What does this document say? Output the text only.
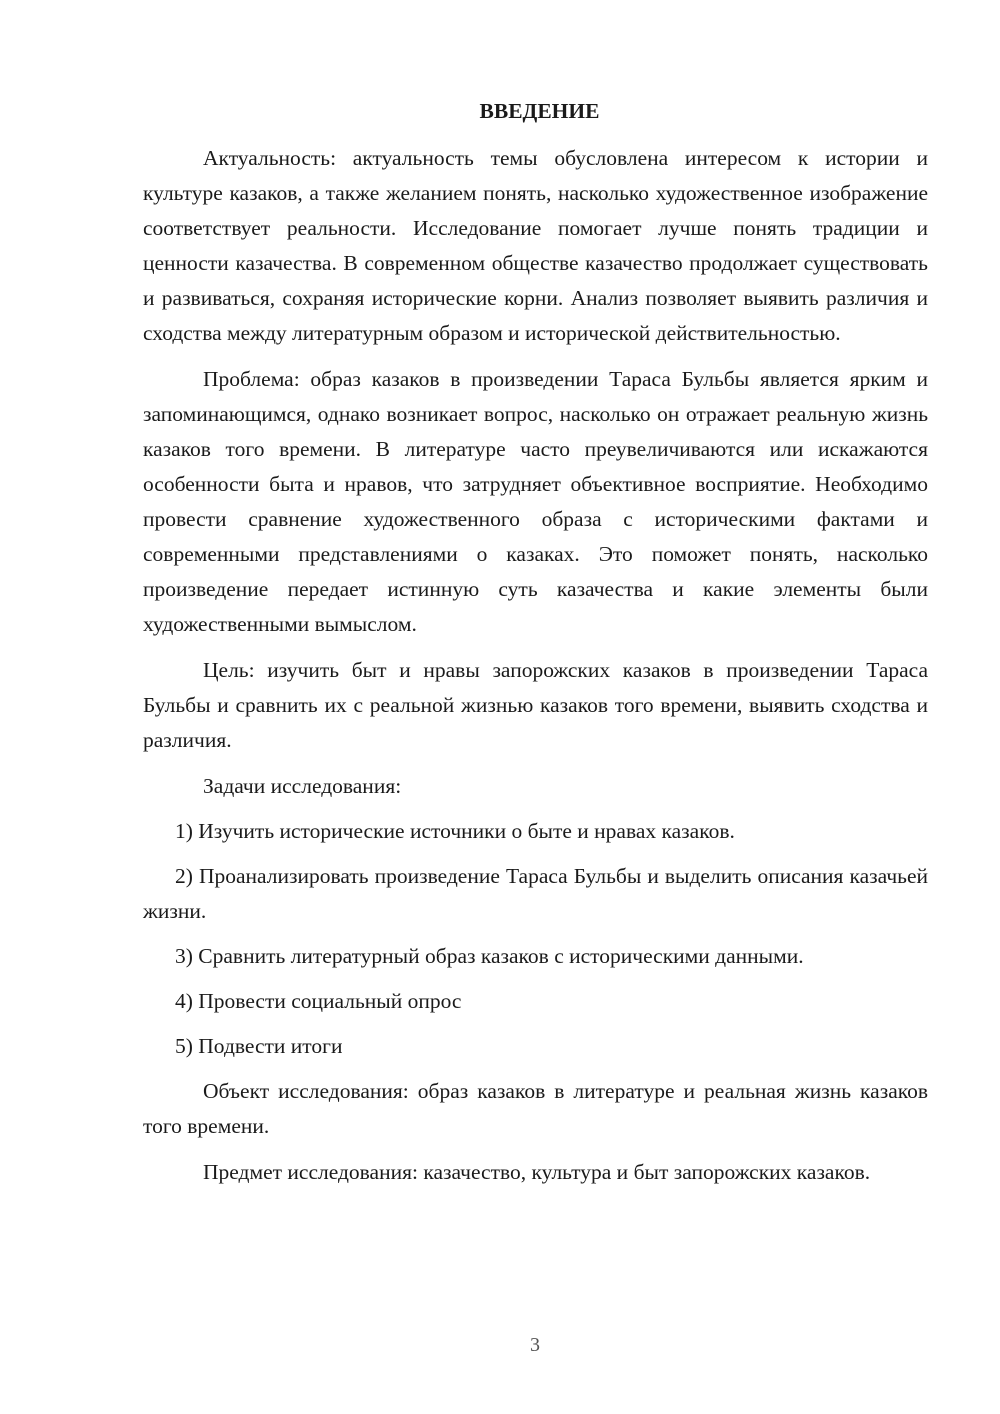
ВВЕДЕНИЕ

Актуальность: актуальность темы обусловлена интересом к истории и культуре казаков, а также желанием понять, насколько художественное изображение соответствует реальности. Исследование помогает лучше понять традиции и ценности казачества. В современном обществе казачество продолжает существовать и развиваться, сохраняя исторические корни. Анализ позволяет выявить различия и сходства между литературным образом и исторической действительностью.

Проблема: образ казаков в произведении Тараса Бульбы является ярким и запоминающимся, однако возникает вопрос, насколько он отражает реальную жизнь казаков того времени. В литературе часто преувеличиваются или искажаются особенности быта и нравов, что затрудняет объективное восприятие. Необходимо провести сравнение художественного образа с историческими фактами и современными представлениями о казаках. Это поможет понять, насколько произведение передает истинную суть казачества и какие элементы были художественными вымыслом.

Цель: изучить быт и нравы запорожских казаков в произведении Тараса Бульбы и сравнить их с реальной жизнью казаков того времени, выявить сходства и различия.

Задачи исследования:

1) Изучить исторические источники о быте и нравах казаков.

2) Проанализировать произведение Тараса Бульбы и выделить описания казачьей жизни.

3) Сравнить литературный образ казаков с историческими данными.

4) Провести социальный опрос

5) Подвести итоги

Объект исследования: образ казаков в литературе и реальная жизнь казаков того времени.

Предмет исследования: казачество, культура и быт запорожских казаков.

3
